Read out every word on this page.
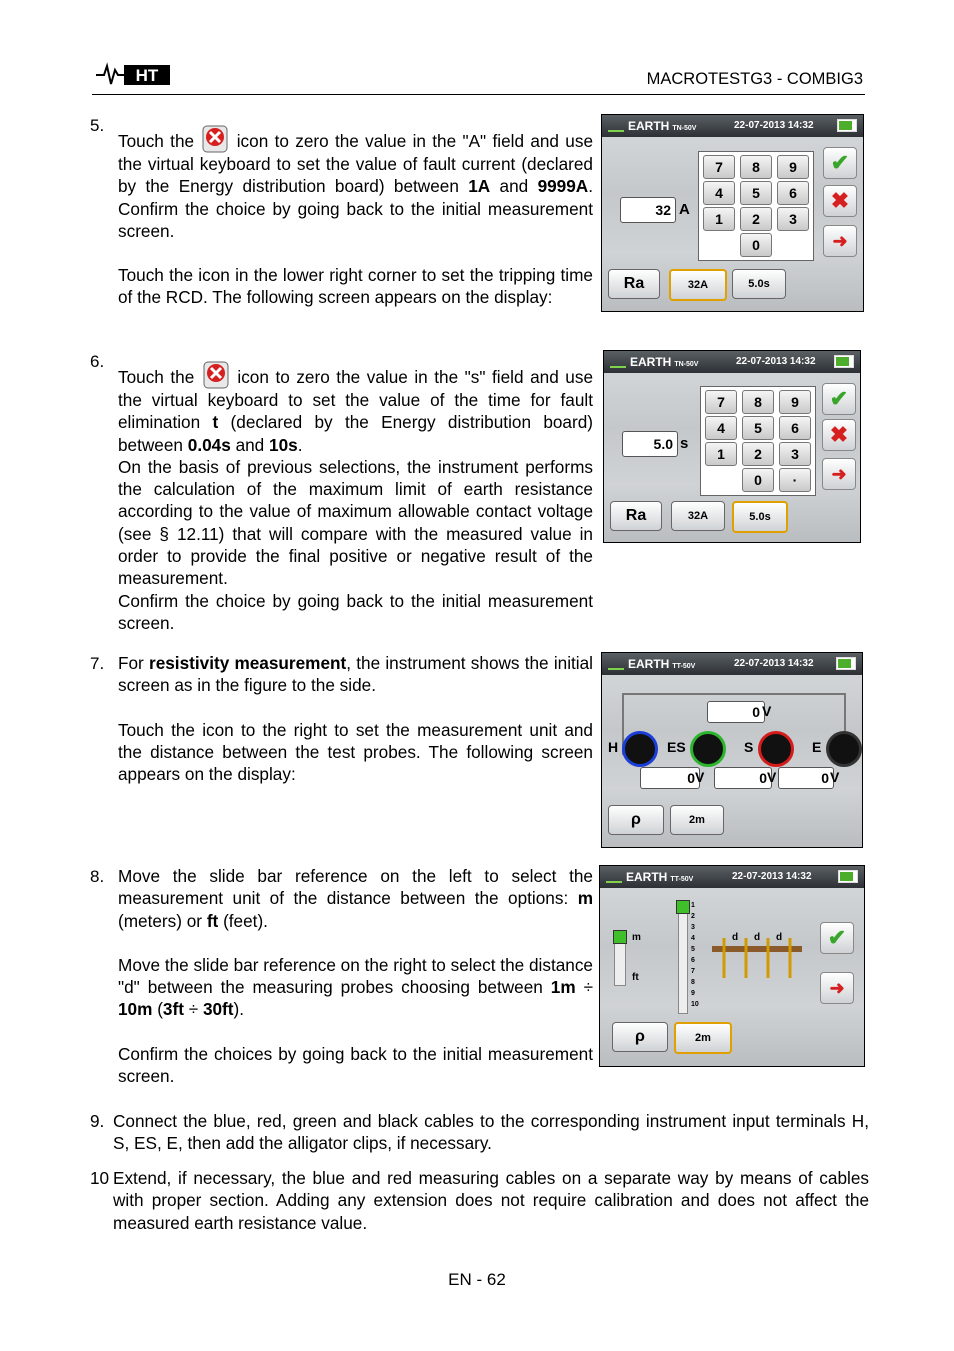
HT	MACROTESTG3 - COMBIG3
5.

Touch the icon to zero the value in the "A" field and use the virtual keyboard to set the value of fault current (declared by the Energy distribution board) between 1A and 9999A. Confirm the choice by going back to the initial measurement screen.

Touch the icon in the lower right corner to set the tripping time of the RCD. The following screen appears on the display:

EARTH TN-50V	22-07-2013 14:32
7	8	9
4	5	6
1	2	3
0
32 A
✔
✖
➜
Ra	32A	5.0s
6.

Touch the	icon to zero the value in the "s" field and use the virtual keyboard to set the value of the time for fault elimination t (declared by the Energy distribution board) between 0.04s and 10s.

On the basis of previous selections, the instrument performs the calculation of the maximum limit of earth resistance according to the value of maximum allowable contact voltage (see § 12.11) that will compare with the measured value in order to provide the final positive or negative result of the measurement.

Confirm the choice by going back to the initial measurement screen.

EARTH TN-50V	22-07-2013 14:32
7	8	9
4	5	6
1	2	3
0	·
5.0 s
✔
✖
➜
Ra	32A	5.0s
7. For resistivity measurement, the instrument shows the initial screen as in the figure to the side.

Touch the icon to the right to set the measurement unit and the distance between the test probes. The following screen appears on the display:

EARTH TT-50V	22-07-2013 14:32
0 V
H	ES	S	E
0 V	0 V	0 V
ρ	2m
8. Move the slide bar reference on the left to select the measurement unit of the distance between the options: m (meters) or ft (feet).

Move the slide bar reference on the right to select the distance "d" between the measuring probes choosing between 1m ÷ 10m (3ft ÷ 30ft).

Confirm the choices by going back to the initial measurement screen.

EARTH TT-50V	22-07-2013 14:32
m
ft
1
2
3
4
5
6
7
8
9
10
d d d	✔
➜
ρ	2m
9. Connect the blue, red, green and black cables to the corresponding instrument input terminals H, S, ES, E, then add the alligator clips, if necessary.
10 Extend, if necessary, the blue and red measuring cables on a separate way by means of cables with proper section. Adding any extension does not require calibration and does not affect the measured earth resistance value.
EN - 62
